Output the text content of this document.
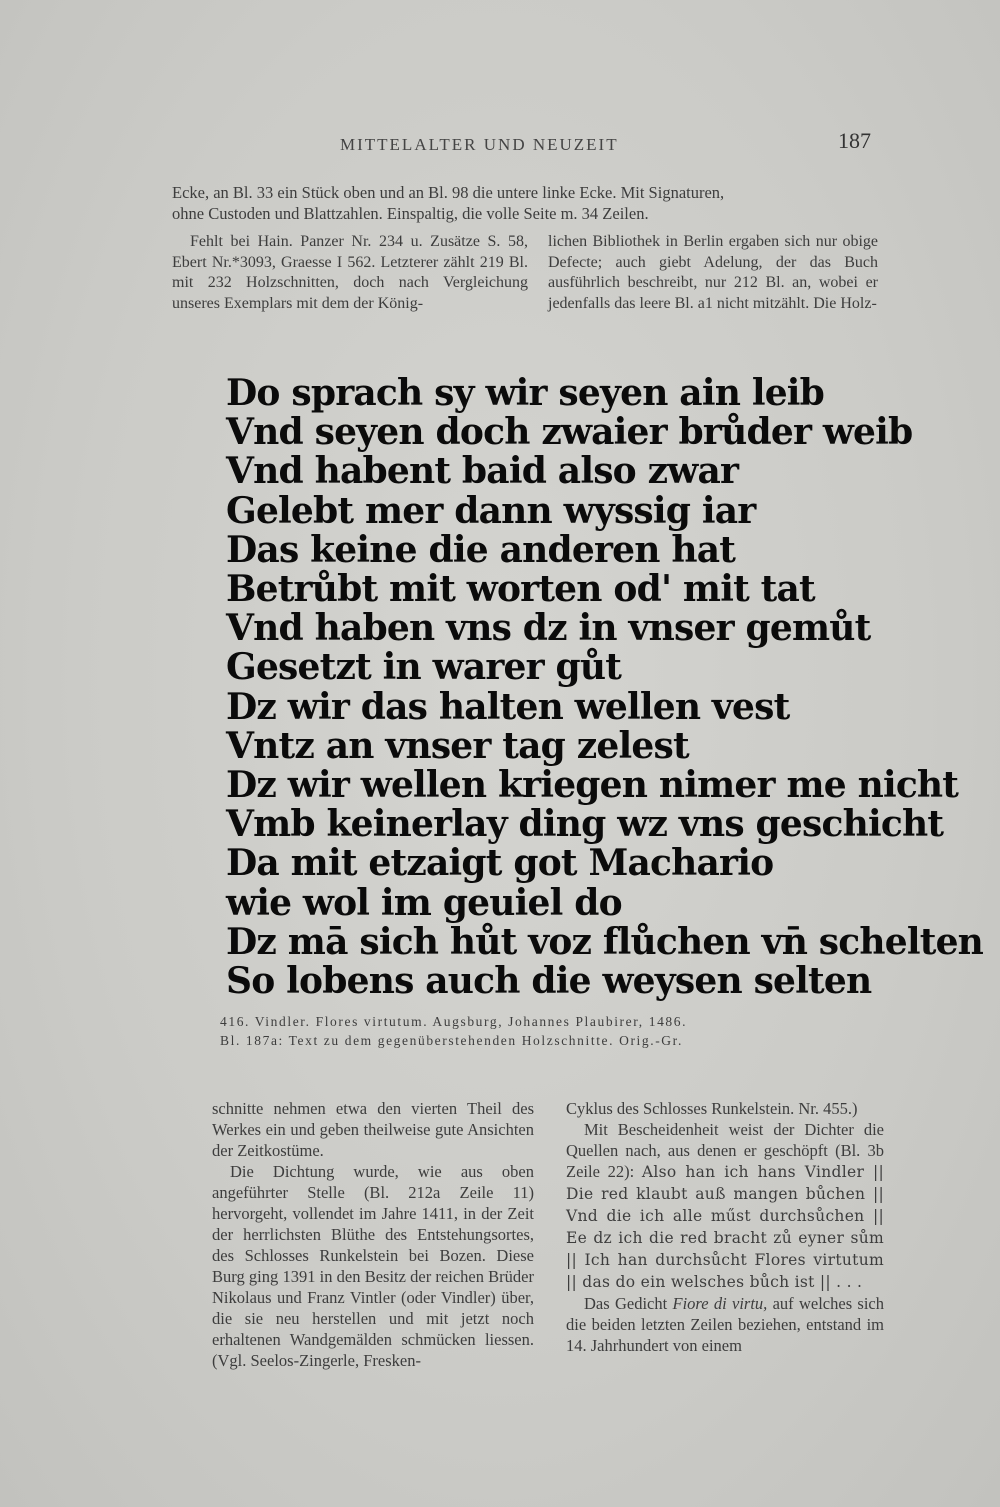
MITTELALTER UND NEUZEIT	187
Ecke, an Bl. 33 ein Stück oben und an Bl. 98 die untere linke Ecke. Mit Signaturen,
ohne Custoden und Blattzahlen. Einspaltig, die volle Seite m. 34 Zeilen.
Fehlt bei Hain. Panzer Nr. 234 u. Zusätze S. 58, Ebert Nr.*3093, Graesse I 562. Letzterer zählt 219 Bl. mit 232 Holzschnitten, doch nach Vergleichung unseres Exemplars mit dem der König-
lichen Bibliothek in Berlin ergaben sich nur obige Defecte; auch giebt Adelung, der das Buch ausführlich beschreibt, nur 212 Bl. an, wobei er jedenfalls das leere Bl. a1 nicht mitzählt. Die Holz-
Do sprach sy wir seyen ain leib
Vnd seyen doch zwaier brůder weib
Vnd habent baid also zwar
Gelebt mer dann wyssig iar
Das keine die anderen hat
Betrůbt mit worten od' mit tat
Vnd haben vns dz in vnser gemůt
Gesetzt in warer gůt
Dz wir das halten wellen vest
Vntz an vnser tag zelest
Dz wir wellen kriegen nimer me nicht
Vmb keinerlay ding wz vns geschicht
Da mit etzaigt got Machario
wie wol im geuiel do
Dz mā sich hůt voz flůchen vn̄ schelten
So lobens auch die weysen selten
416. Vindler. Flores virtutum. Augsburg, Johannes Plaubirer, 1486.
Bl. 187a: Text zu dem gegenüberstehenden Holzschnitte. Orig.-Gr.
schnitte nehmen etwa den vierten Theil des Werkes ein und geben theilweise gute Ansichten der Zeitkostüme.
Die Dichtung wurde, wie aus oben angeführter Stelle (Bl. 212a Zeile 11) hervorgeht, vollendet im Jahre 1411, in der Zeit der herrlichsten Blüthe des Entstehungsortes, des Schlosses Runkelstein bei Bozen. Diese Burg ging 1391 in den Besitz der reichen Brüder Nikolaus und Franz Vintler (oder Vindler) über, die sie neu herstellen und mit jetzt noch erhaltenen Wandgemälden schmücken liessen. (Vgl. Seelos-Zingerle, Fresken-
Cyklus des Schlosses Runkelstein. Nr. 455.)
Mit Bescheidenheit weist der Dichter die Quellen nach, aus denen er geschöpft (Bl. 3b Zeile 22): Also han ich hans Vindler || Die red klaubt auß mangen bůchen || Vnd die ich alle műst durchsůchen || Ee dz ich die red bracht zů eyner sům || Ich han durchsůcht Flores virtutum || das do ein welsches bůch ist || . . .
Das Gedicht Fiore di virtu, auf welches sich die beiden letzten Zeilen beziehen, entstand im 14. Jahrhundert von einem
